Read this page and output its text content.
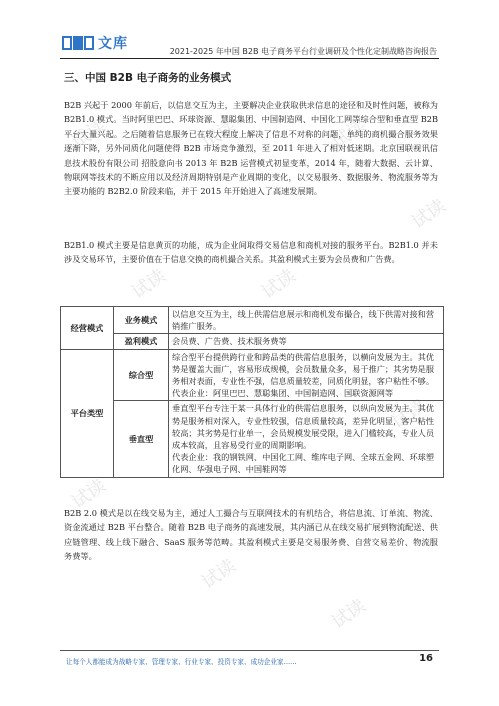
试读	试读	试读
试读
试读	试读
试读
试读
试读
试读
文库	2021-2025 年中国 B2B 电子商务平台行业调研及个性化定制战略咨询报告
三、中国 B2B 电子商务的业务模式
B2B 兴起于 2000 年前后，以信息交互为主，主要解决企业获取供求信息的途径和及时性问题，被称为 B2B1.0 模式。当时阿里巴巴、环球资源、慧聪集团、中国制造网、中国化工网等综合型和垂直型 B2B 平台大量兴起。之后随着信息服务已在较大程度上解决了信息不对称的问题，单纯的商机撮合服务效果逐渐下降，另外同质化问题使得 B2B 市场竞争激烈，至 2011 年进入了相对低迷期。北京国联视讯信息技术股份有限公司 招股意向书 2013 年 B2B 运营模式初显变革，2014 年，随着大数据、云计算、物联网等技术的不断应用以及经济周期特别是产业周期的变化，以交易服务、数据服务、物流服务等为主要功能的 B2B2.0 阶段来临，并于 2015 年开始进入了高速发展期。
B2B1.0 模式主要是信息黄页的功能，成为企业间取得交易信息和商机对接的服务平台。B2B1.0 并未涉及交易环节，主要价值在于信息交换的商机撮合关系。其盈利模式主要为会员费和广告费。
经营模式	业务模式	以信息交互为主，线上供需信息展示和商机发布撮合，线下供需对接和营销推广服务。
	盈利模式	会员费、广告费、技术服务费等
平台类型	综合型	综合型平台提供跨行业和跨品类的供需信息服务，以横向发展为主。其优势是覆盖大面广，容易形成规模，会员数量众多，易于推广；其劣势是服务相对表面，专业性不强，信息质量较差，同质化明显，客户粘性不够。
代表企业：阿里巴巴、慧聪集团、中国制造网、国联资源网等

	垂直型	垂直型平台专注于某一具体行业的供需信息服务，以纵向发展为主。其优势是服务相对深入，专业性较强，信息质量较高，差异化明显，客户粘性较高；其劣势是行业单一，会员规模发展受限，进入门槛较高，专业人员成本较高，且容易受行业的周期影响。
代表企业：我的钢铁网、中国化工网、维库电子网、全球五金网、环球塑化网、华强电子网、中国鞋网等
B2B 2.0 模式是以在线交易为主，通过人工撮合与互联网技术的有机结合，将信息流、订单流、物流、资金流通过 B2B 平台整合。随着 B2B 电子商务的高速发展，其内涵已从在线交易扩展到物流配送、供应链管理、线上线下融合、SaaS 服务等范畴。其盈利模式主要是交易服务费、自营交易差价、物流服务费等。
让每个人都能成为战略专家、管理专家、行业专家、投资专家、成功企业家……	16
